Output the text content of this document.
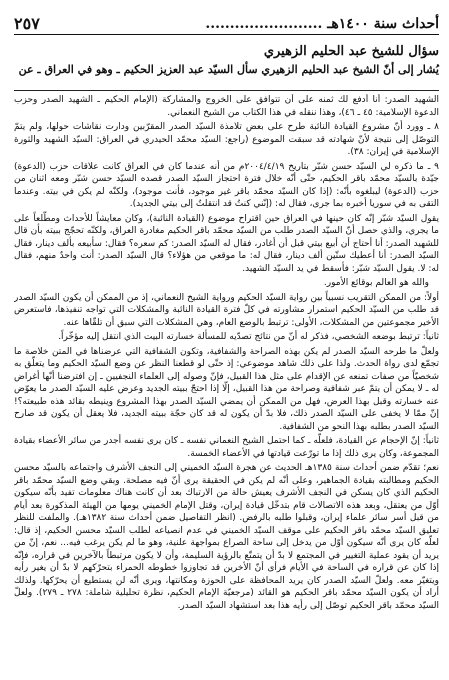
أحداث سنة ١٤٠٠هـ ........................
٢٥٧
سؤال للشيخ عبد الحليم الزهيري
يُشار إلى أنّ الشيخ عبد الحليم الزهيري سأل السيّد عبد العزيز الحكيم ـ وهو في العراق ـ عن

الشهيد الصدر: أنا أدفع لك ثمنه على أن تتوافق على الخروج والمشاركة (الإمام الحكيم ـ الشهيد الصدر وحزب الدعوة الإسلامية: ٤٥ ـ ٤٦)، وهذا ننقله في هذا الكتاب من الشيخ النعماني.

٨ ـ وورد أنّ مشروع القيادة النائبة طرح على بعض تلامذة السيّد الصدر المقرّبين ودارت نقاشات حولها، ولم يتمّ التوصّل إلى نتيجة لأنّ شهادته قد سبقت الموضوع (راجع: السيّد محمّد الحيدري في العراق: السيّد الشهيد والثورة الإسلامية في إيران: ٣٨).

٩ ـ ما ذكره لي السيّد حسن شبّر بتاريخ ٢٠٠٤/٤/١٩م من أنه عندما كان في العراق كانت علاقات حزب (الدعوة) جيّدة بالسيّد محمّد باقر الحكيم، حتّى أنّه خلال فترة احتجاز السيّد الصدر قصده السيّد حسن شبّر ومعه اثنان من حزب (الدعوة) ليبلغوه بأنّه: (إذا كان السيّد محمّد باقر غير موجود، فأنت موجود)، ولكنّه لم يكن في بيته. وعندما التقى به في سوريا أخبره بما جرى، فقال له: (إنّني كنتُ قد انتقلتُ إلى بيتي الجديد).

يقول السيّد شبّر إنّه كان حينها في العراق حين اقتراح موضوع (القيادة النائبة)، وكان معايشاً للأحداث ومطّلعاً على ما يجري، والذي حصل أنّ السيّد الصدر طلب من السيّد محمّد باقر الحكيم مغادرة العراق، ولكنّه تحجّج ببيته بأن قال للشهيد الصدر: أنا أحتاج أن أبيع بيتي قبل أن أغادر، فقال له السيّد الصدر: كم سعره؟ فقال: سأبيعه بألف دينار، فقال السيّد الصدر: أنا أعطيك ستّين ألف دينار، فقال له: ما موقعي من هؤلاء؟ قال السيّد الصدر: أنت واحدٌ منهم، فقال له: لا. يقول السيّد شبّر: فأسقط في يد السيّد الشهيد.

والله هو العالم بوقائع الأمور.

أولاً: من الممكن التقريب نسبياً بين رواية السيّد الحكيم ورواية الشيخ النعماني، إذ من الممكن أن يكون السيّد الصدر قد طلب من السيّد الحكيم استمرار مشاورته في كلّ فترة القيادة النائبة والمشكلات التي تواجه تنفيذها، فاستعرض الأخير مجموعتين من المشكلات، الأولى: ترتبط بالوضع العام، وهي المشكلات التي سبق أن تلقّاها عنه.

ثانياً: ترتبط بوضعه الشخصي، فذكر له أنّ من نتائج تصدّيه للمسألة خسارته البيت الذي انتقل إليه مؤخّراً.

ولعلّ ما طرحه السيّد الصدر لم يكن بهذه الصراحة والشفافية، وتكون الشفافية التي عرضناها في المتن خلاصة ما تجمّع لدى رواة الحدث. ولذا على ذلك شاهد موضوعي: إذ حتّى لو قطعنا النظر عن وضع السيّد الحكيم وما يتعلّق به شخصيّاً من صفات تمنعه عن الإقدام على مثل هذا القبيل، فإنّ وصوله إلى العلماء النجفيين ـ إن افترضنا أنّها أغراض له ـ لا يمكن أن يتمّ عبر شفافية وصراحة من هذا القبيل، إلّا إذا احتجّ ببيته الجديد وعرض عليه السيّد الصدر ما يعوّض عنه خسارته وقبل بهذا العرض، فهل من الممكن أن يمضي السيّد الصدر بهذا المشروع وينيطه بقائد هذه طبيعته؟! إنّ ممّا لا يخفى على السيّد الصدر ذلك، فلا بدّ أن يكون له قد كان حجّة ببيته الجديد، فلا يعقل أن يكون قد صارح السيّد الصدر بطلبه بهذا النحو من الشفافية.

ثانياً: إنّ الإحجام عن القيادة، فلعلّه ـ كما احتمل الشيخ النعماني نفسه ـ كان يرى نفسه أجدر من سائر الأعضاء بقيادة المجموعة، وكان يرى ذلك إذا ما تورّعت قيادتها في الأعضاء الخمسة.

نعم؛ تقدّم ضمن أحداث سنة ١٣٨٥هـ الحديث عن هجرة السيّد الخميني إلى النجف الأشرف واجتماعه بالسيّد محسن الحكيم ومطالبته بقيادة الجماهير، وعلى أنّه لم يكن في الحقيقة يرى أنّ فيه مصلحة. وبقي وضع السيّد محمّد باقر الحكيم الذي كان يسكن في النجف الأشرف يعيش حالة من الارتباك بعد أن كانت هناك معلومات تفيد بأنّه سيكون أوّل من يعتقل، وبعد هذه الاتصالات قام بتدخّل قيادة إيران، وقتل الإمام الخميني يومها من الهيئة المذكورة بعد أيام من قبل أسر سائر علماء إيران، وقبلوا طلبه بالرفض. (انظر التفاصيل ضمن أحداث سنة ١٣٨٢هـ). والملفت للنظر تعليق السيّد محمّد باقر الحكيم على موقف السيّد الخميني في عدم انصياعه لطلب السيّد محسن الحكيم، إذ قال: لعلّه كان يرى أنّه سيكون أوّل من يدخل إلى ساحة الصراع بمواجهة علنية، وهو ما لم يكن يرغب فيه... نعم، إنّ من يريد أن يقود عملية التغيير في المجتمع لا بدّ أن يتمتّع بالرؤية السليمة، وأن لا يكون مرتبطاً بالآخرين في قراره، فإنّه إذا كان عن قراره في الساحة في الأيام فرأى أنّ الأخرين قد تجاوزوا خطوطه الحمراء بتحرّكهم لا بدّ أن يغير رأيه ويتغيّر معه. ولعلّ السيّد الصدر كان يريد المحافظة على الحوزة ومكانتها، ويرى أنّه لن يستطيع أن يحرّكها. ولذلك أراد أن يكون السيّد محمّد باقر الحكيم هو القائد (مرجعيّة الإمام الحكيم، نظرة تحليلية شاملة: ٢٧٨ ـ ٢٧٩). ولعلّ السيّد محمّد باقر الحكيم توصّل إلى رأيه هذا بعد استشهاد السيّد الصدر.
